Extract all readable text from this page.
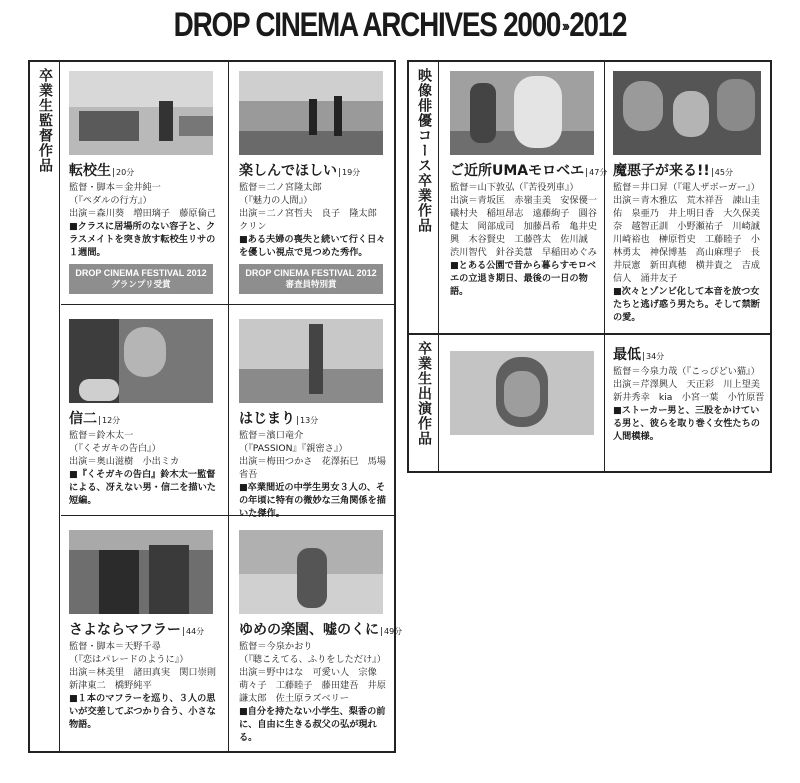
DROP CINEMA ARCHIVES 2000 ›››2012
卒業生監督作品 転校生 20分
監督・脚本＝金井純一
（『ペダルの行方』）
出演＝森川葵　増田璃子　藤原倫己
■クラスに居場所のない容子と、クラスメイトを突き放す転校生リサの１週間。
DROP CINEMA FESTIVAL 2012
グランプリ受賞
楽しんでほしい 19分
監督＝二ノ宮隆太郎
（『魅力の人間』）
出演＝二ノ宮哲夫　良子　隆太郎　クリン
■ある夫婦の喪失と続いて行く日々を優しい視点で見つめた秀作。
DROP CINEMA FESTIVAL 2012
審査員特別賞
信二 12分
監督＝鈴木太一
（『くそガキの告白』）
出演＝奥山滋樹　小出ミカ
■『くそガキの告白』鈴木太一監督による、冴えない男・信二を描いた短編。
はじまり 13分
監督＝濱口竜介
（『PASSION』『親密さ』）
出演＝梅田つかさ　花澤拓巳　馬場省吾
■卒業間近の中学生男女３人の、その年頃に特有の微妙な三角関係を描いた傑作。
さよならマフラー 44分
監督・脚本＝天野千尋
（『恋はパレードのように』）
出演＝林美里　諸田真実　関口崇則　新津東二　橋野純平
■１本のマフラーを巡り、３人の思いが交差してぶつかり合う、小さな物語。
ゆめの楽園、嘘のくに 49分
監督＝今泉かおり
（『聴こえてる、ふりをしただけ』）
出演＝野中はな　可愛い人　宗像萌々子　工藤睦子　藤田建吾　井原謙太郎　佐土原ラズベリー
■自分を持たない小学生、梨香の前に、自由に生きる叔父の弘が現れる。
映像俳優コース卒業作品 ご近所UMAモロベエ 47分
監督＝山下敦弘（『苦役列車』）
出演＝青坂匡　赤嶺圭美　安保優一　礒村夬　稲垣昂志　遠藤絢子　圓谷健太　岡部成司　加藤昌希　亀井史興　木谷賢史　工藤啓太　佐川誠　渋川智代　針谷美慧　早稲田めぐみ
■とある公園で昔から暮らすモロベエの立退き期日、最後の一日の物語。
魔悪子が来る!! 45分
監督＝井口昇（『電人ザボーガー』）
出演＝青木雅広　荒木祥吾　諌山圭佑　泉亜乃　井上明日香　大久保美奈　越智正訓　小野瀬祐子　川崎誠　川崎裕也　榊原哲史　工藤睦子　小林勇太　神保博基　高山麻理子　長井辰憲　新田真穂　横井貴之　吉成信人　涌井友子
■次々とゾンビ化して本音を放つ女たちと逃げ惑う男たち。そして禁断の愛。
卒業生出演作品	最低 34分
監督＝今泉力哉（『こっぴどい猫』）
出演＝芹澤興人　天正彩　川上望美　新井秀幸　kia　小宮一葉　小竹原晋
■ストーカー男と、三股をかけている男と、彼らを取り巻く女性たちの人間模様。
